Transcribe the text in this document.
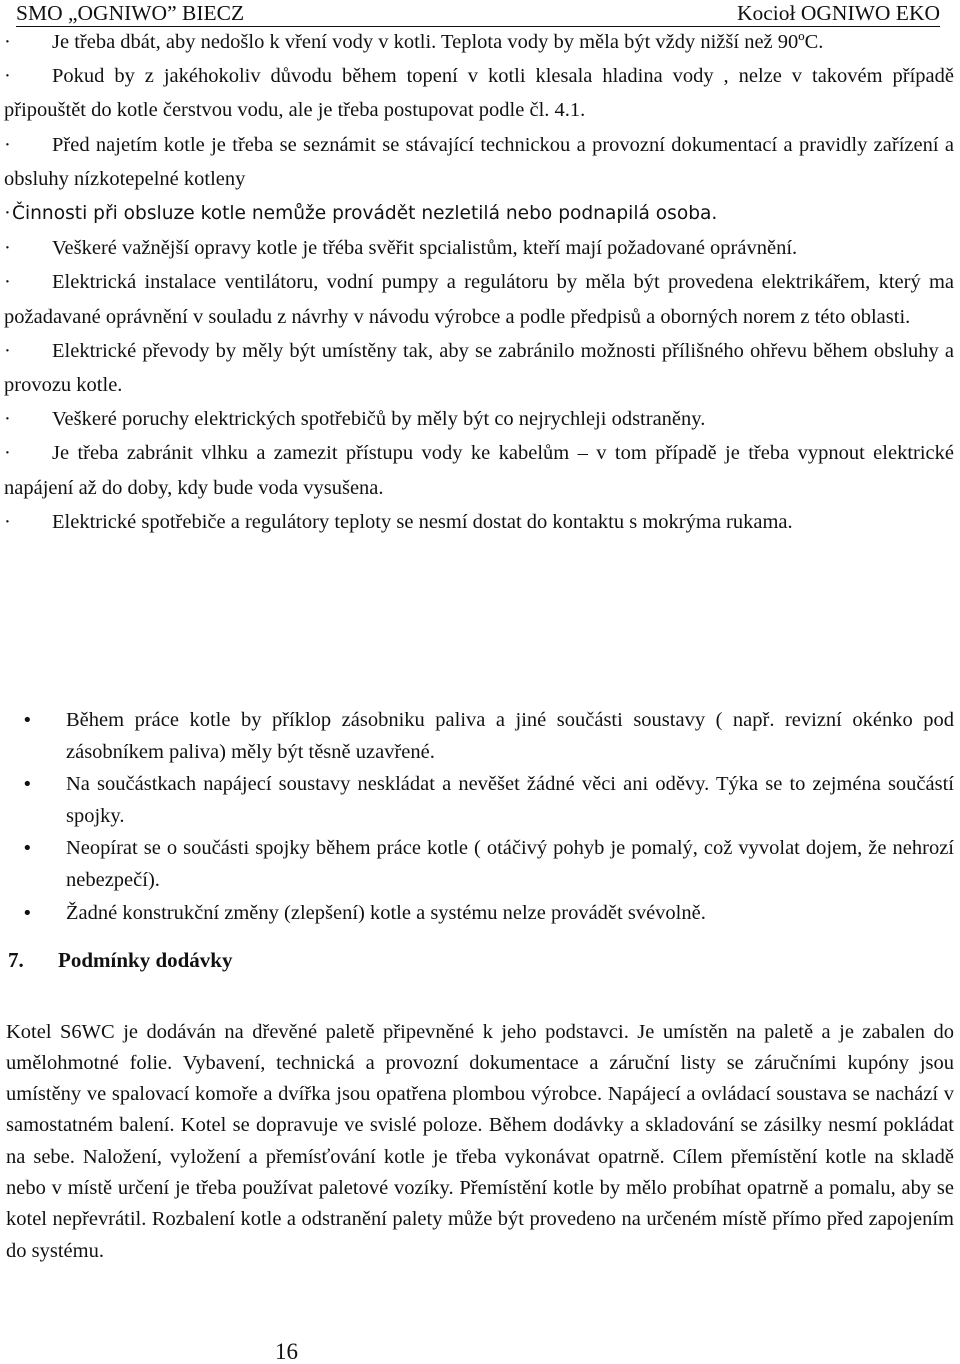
SMO „OGNIWO” BIECZ	Kocioł OGNIWO EKO

· Je třeba dbát, aby nedošlo k vření vody v kotli. Teplota vody by měla být vždy nižší než 90ºC.

· Pokud by z jakéhokoliv důvodu během topení v kotli klesala hladina vody , nelze v takovém případě připouštět do kotle čerstvou vodu, ale je třeba postupovat podle čl. 4.1.

· Před najetím kotle je třeba se seznámit se stávající technickou a provozní dokumentací a pravidly zařízení a obsluhy nízkotepelné kotleny

·Činnosti při obsluze kotle nemůže provádět nezletilá nebo podnapilá osoba.

· Veškeré važnější opravy kotle je třéba svěřit spcialistům, kteří mají požadované oprávnění.

· Elektrická instalace ventilátoru, vodní pumpy a regulátoru by měla být provedena elektrikářem, který ma požadavané oprávnění v souladu z návrhy v návodu výrobce a podle předpisů a oborných norem z této oblasti.

· Elektrické převody by měly být umístěny tak, aby se zabránilo možnosti přílišného ohřevu během obsluhy a provozu kotle.

· Veškeré poruchy elektrických spotřebičů by měly být co nejrychleji odstraněny.

· Je třeba zabránit vlhku a zamezit přístupu vody ke kabelům – v tom případě je třeba vypnout elektrické napájení až do doby, kdy bude voda vysušena.

· Elektrické spotřebiče a regulátory teploty se nesmí dostat do kontaktu s mokrýma rukama.

• Během práce kotle by příklop zásobniku paliva a jiné součásti soustavy ( např. revizní okénko pod zásobníkem paliva) měly být těsně uzavřené.
• Na součástkach napájecí soustavy neskládat a nevěšet žádné věci ani oděvy. Týka se to zejména součástí spojky.
• Neopírat se o součásti spojky během práce kotle ( otáčivý pohyb je pomalý, což vyvolat dojem, že nehrozí nebezpečí).
• Žadné konstrukční změny (zlepšení) kotle a systému nelze provádět svévolně.
7. Podmínky dodávky

Kotel S6WC je dodáván na dřevěné paletě připevněné k jeho podstavci. Je umístěn na paletě a je zabalen do umělohmotné folie. Vybavení, technická a provozní dokumentace a záruční listy se záručními kupóny jsou umístěny ve spalovací komoře a dvířka jsou opatřena plombou výrobce. Napájecí a ovládací soustava se nachází v samostatném balení. Kotel se dopravuje ve svislé poloze. Během dodávky a skladování se zásilky nesmí pokládat na sebe. Naložení, vyložení a přemísťování kotle je třeba vykonávat opatrně. Cílem přemístění kotle na skladě nebo v místě určení je třeba používat paletové vozíky. Přemístění kotle by mělo probíhat opatrně a pomalu, aby se kotel nepřevrátil. Rozbalení kotle a odstranění palety může být provedeno na určeném místě přímo před zapojením do systému.

16
